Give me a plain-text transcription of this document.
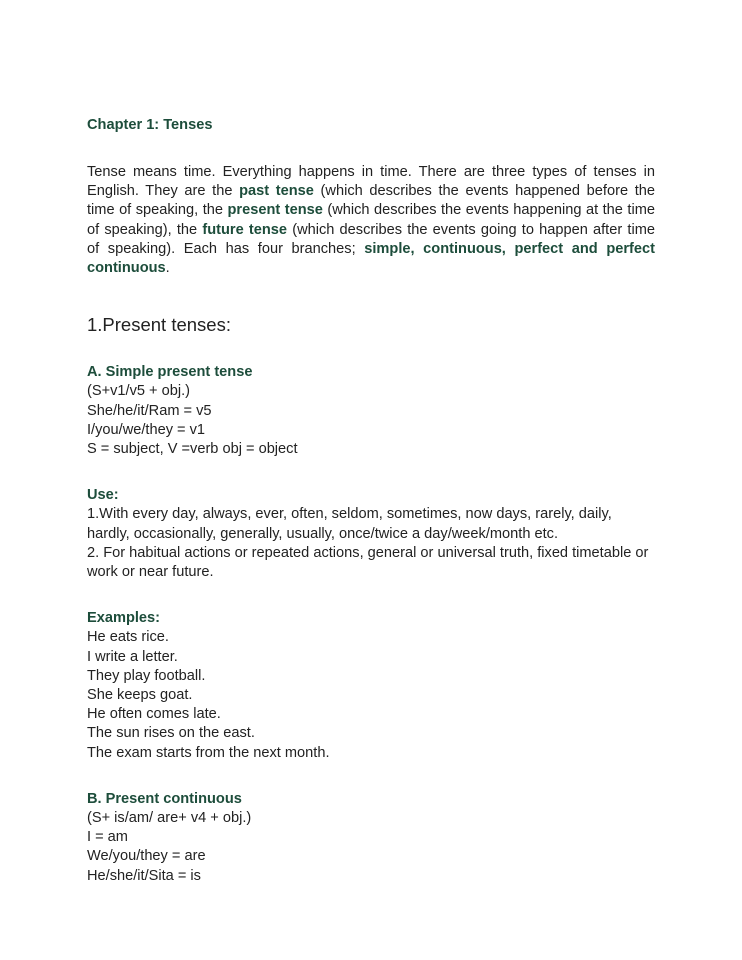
Chapter 1: Tenses

Tense means time. Everything happens in time. There are three types of tenses in English. They are the past tense (which describes the events happened before the time of speaking, the present tense (which describes the events happening at the time of speaking), the future tense (which describes the events going to happen after time of speaking). Each has four branches; simple, continuous, perfect and perfect continuous.

1.Present tenses:
A. Simple present tense
(S+v1/v5 + obj.)
She/he/it/Ram = v5
I/you/we/they = v1
S = subject, V =verb obj = object
Use:
1.With every day, always, ever, often, seldom, sometimes, now days, rarely, daily, hardly, occasionally, generally, usually, once/twice a day/week/month etc.
2. For habitual actions or repeated actions, general or universal truth, fixed timetable or work or near future.
Examples:
He eats rice.
I write a letter.
They play football.
She keeps goat.
He often comes late.
The sun rises on the east.
The exam starts from the next month.
B. Present continuous
(S+ is/am/ are+ v4 + obj.)
I = am
We/you/they = are
He/she/it/Sita = is
